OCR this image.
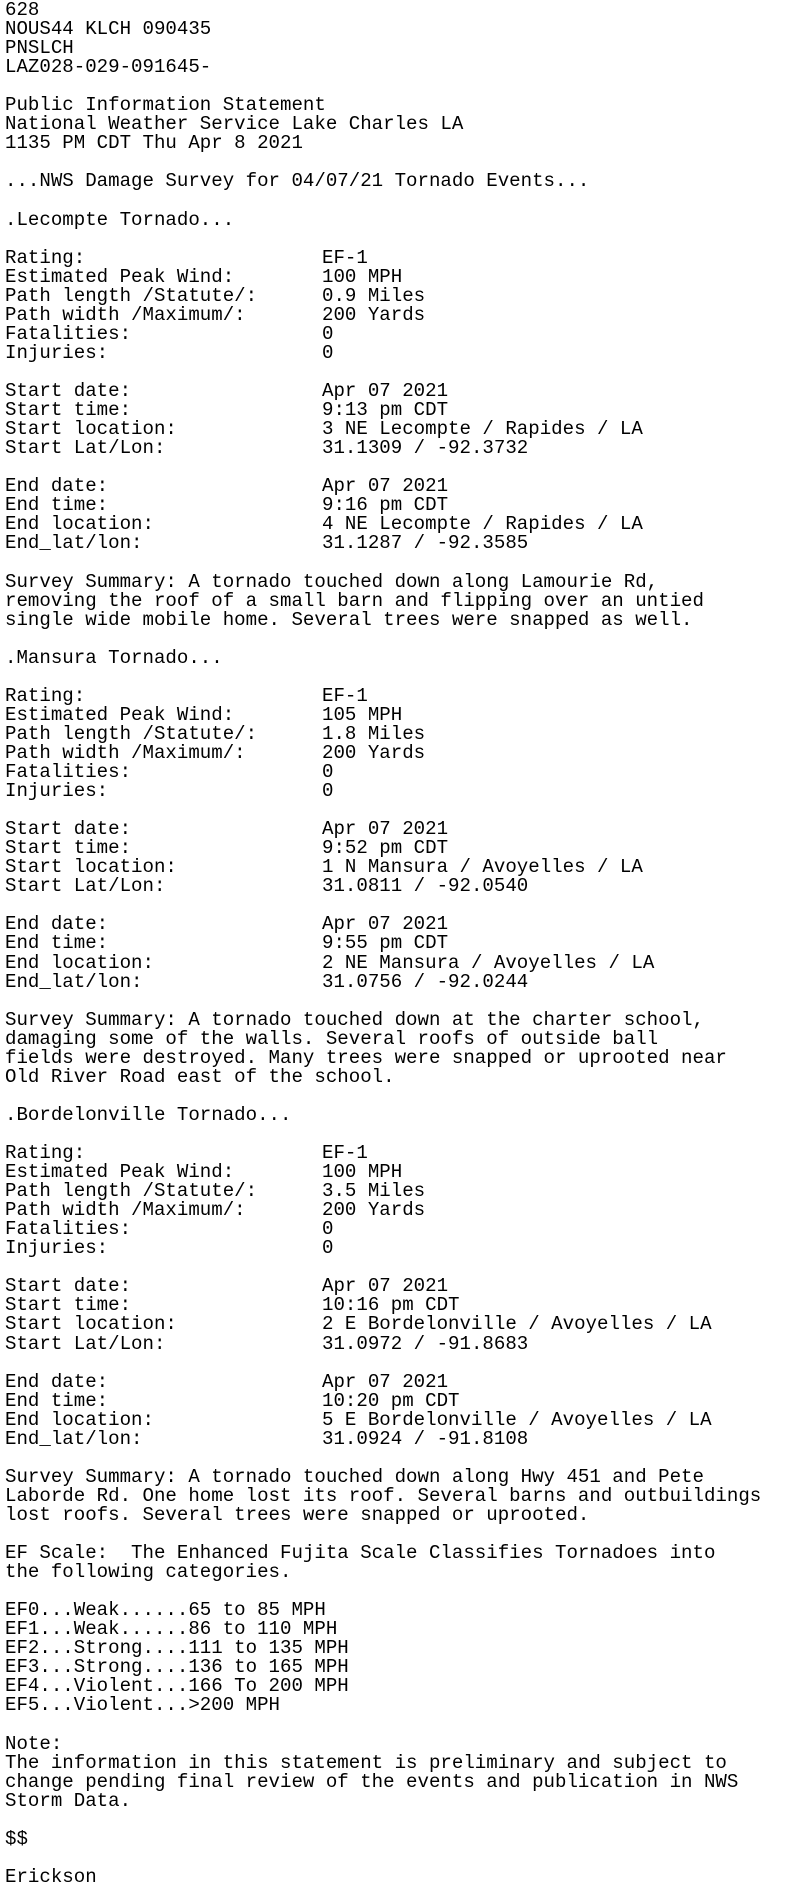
628
NOUS44 KLCH 090435
PNSLCH
LAZ028-029-091645-
Public Information Statement
National Weather Service Lake Charles LA
1135 PM CDT Thu Apr 8 2021
...NWS Damage Survey for 04/07/21 Tornado Events...
.Lecompte Tornado...
Rating:	EF-1
Estimated Peak Wind:	100 MPH
Path length /Statute/:	0.9 Miles
Path width /Maximum/:	200 Yards
Fatalities:	0
Injuries:	0
Start date:	Apr 07 2021
Start time:	9:13 pm CDT
Start location:	3 NE Lecompte / Rapides / LA
Start Lat/Lon:	31.1309 / -92.3732
End date:	Apr 07 2021
End time:	9:16 pm CDT
End location:	4 NE Lecompte / Rapides / LA
End_lat/lon:	31.1287 / -92.3585
Survey Summary: A tornado touched down along Lamourie Rd,
removing the roof of a small barn and flipping over an untied
single wide mobile home. Several trees were snapped as well.
.Mansura Tornado...
Rating:	EF-1
Estimated Peak Wind:	105 MPH
Path length /Statute/:	1.8 Miles
Path width /Maximum/:	200 Yards
Fatalities:	0
Injuries:	0
Start date:	Apr 07 2021
Start time:	9:52 pm CDT
Start location:	1 N Mansura / Avoyelles / LA
Start Lat/Lon:	31.0811 / -92.0540
End date:	Apr 07 2021
End time:	9:55 pm CDT
End location:	2 NE Mansura / Avoyelles / LA
End_lat/lon:	31.0756 / -92.0244
Survey Summary: A tornado touched down at the charter school,
damaging some of the walls. Several roofs of outside ball
fields were destroyed. Many trees were snapped or uprooted near
Old River Road east of the school.
.Bordelonville Tornado...
Rating:	EF-1
Estimated Peak Wind:	100 MPH
Path length /Statute/:	3.5 Miles
Path width /Maximum/:	200 Yards
Fatalities:	0
Injuries:	0
Start date:	Apr 07 2021
Start time:	10:16 pm CDT
Start location:	2 E Bordelonville / Avoyelles / LA
Start Lat/Lon:	31.0972 / -91.8683
End date:	Apr 07 2021
End time:	10:20 pm CDT
End location:	5 E Bordelonville / Avoyelles / LA
End_lat/lon:	31.0924 / -91.8108
Survey Summary: A tornado touched down along Hwy 451 and Pete
Laborde Rd. One home lost its roof. Several barns and outbuildings
lost roofs. Several trees were snapped or uprooted.
EF Scale:  The Enhanced Fujita Scale Classifies Tornadoes into
the following categories.
EF0...Weak......65 to 85 MPH
EF1...Weak......86 to 110 MPH
EF2...Strong....111 to 135 MPH
EF3...Strong....136 to 165 MPH
EF4...Violent...166 To 200 MPH
EF5...Violent...>200 MPH
Note:
The information in this statement is preliminary and subject to
change pending final review of the events and publication in NWS
Storm Data.
$$
Erickson
